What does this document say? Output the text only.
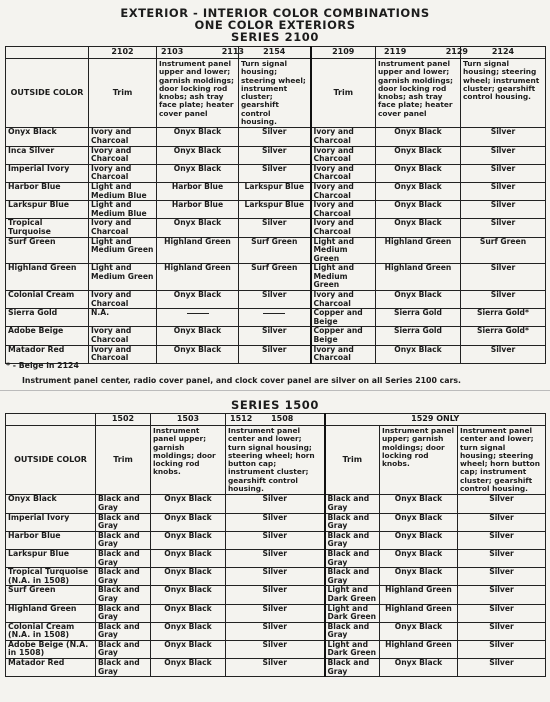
EXTERIOR - INTERIOR COLOR COMBINATIONS
ONE COLOR EXTERIORS
SERIES 2100
	2102	2103 2113	2154	2109	2119 2129	2124
OUTSIDE COLOR	Trim	Instrument panel upper and lower; garnish moldings; door locking rod knobs; ash tray face plate; heater cover panel	Turn signal housing; steering wheel; instrument cluster; gearshift control housing.	Trim	Instrument panel upper and lower; garnish moldings; door locking rod knobs; ash tray face plate; heater cover panel	Turn signal housing; steering wheel; instrument cluster; gearshift control housing.
Onyx Black	Ivory and Charcoal	Onyx Black	Silver	Ivory and Charcoal	Onyx Black	Silver
Inca Silver	Ivory and Charcoal	Onyx Black	Silver	Ivory and Charcoal	Onyx Black	Silver
Imperial Ivory	Ivory and Charcoal	Onyx Black	Silver	Ivory and Charcoal	Onyx Black	Silver
Harbor Blue	Light and Medium Blue	Harbor Blue	Larkspur Blue	Ivory and Charcoal	Onyx Black	Silver
Larkspur Blue	Light and Medium Blue	Harbor Blue	Larkspur Blue	Ivory and Charcoal	Onyx Black	Silver
Tropical Turquoise	Ivory and Charcoal	Onyx Black	Silver	Ivory and Charcoal	Onyx Black	Silver
Surf Green	Light and Medium Green	Highland Green	Surf Green	Light and Medium Green	Highland Green	Surf Green
Highland Green	Light and Medium Green	Highland Green	Surf Green	Light and Medium Green	Highland Green	Silver
Colonial Cream	Ivory and Charcoal	Onyx Black	Silver	Ivory and Charcoal	Onyx Black	Silver
Sierra Gold	N.A.			Copper and Beige	Sierra Gold	Sierra Gold*
Adobe Beige	Ivory and Charcoal	Onyx Black	Silver	Copper and Beige	Sierra Gold	Sierra Gold*
Matador Red	Ivory and Charcoal	Onyx Black	Silver	Ivory and Charcoal	Onyx Black	Silver
* - Beige in 2124
Instrument panel center, radio cover panel, and clock cover panel are silver on all Series 2100 cars.
SERIES 1500
	1502	1503	1512 1508	1529 ONLY		
OUTSIDE COLOR	Trim	Instrument panel upper; garnish moldings; door locking rod knobs.	Instrument panel center and lower; turn signal housing; steering wheel; horn button cap; instrument cluster; gearshift control housing.	Trim	Instrument panel upper; garnish moldings; door locking rod knobs.	Instrument panel center and lower; turn signal housing; steering wheel; horn button cap; instrument cluster; gearshift control housing.
Onyx Black	Black and Gray	Onyx Black	Silver	Black and Gray	Onyx Black	Silver
Imperial Ivory	Black and Gray	Onyx Black	Silver	Black and Gray	Onyx Black	Silver
Harbor Blue	Black and Gray	Onyx Black	Silver	Black and Gray	Onyx Black	Silver
Larkspur Blue	Black and Gray	Onyx Black	Silver	Black and Gray	Onyx Black	Silver
Tropical Turquoise (N.A. in 1508)	Black and Gray	Onyx Black	Silver	Black and Gray	Onyx Black	Silver
Surf Green	Black and Gray	Onyx Black	Silver	Light and Dark Green	Highland Green	Silver
Highland Green	Black and Gray	Onyx Black	Silver	Light and Dark Green	Highland Green	Silver
Colonial Cream (N.A. in 1508)	Black and Gray	Onyx Black	Silver	Black and Gray	Onyx Black	Silver
Adobe Beige (N.A. in 1508)	Black and Gray	Onyx Black	Silver	Light and Dark Green	Highland Green	Silver
Matador Red	Black and Gray	Onyx Black	Silver	Black and Gray	Onyx Black	Silver
